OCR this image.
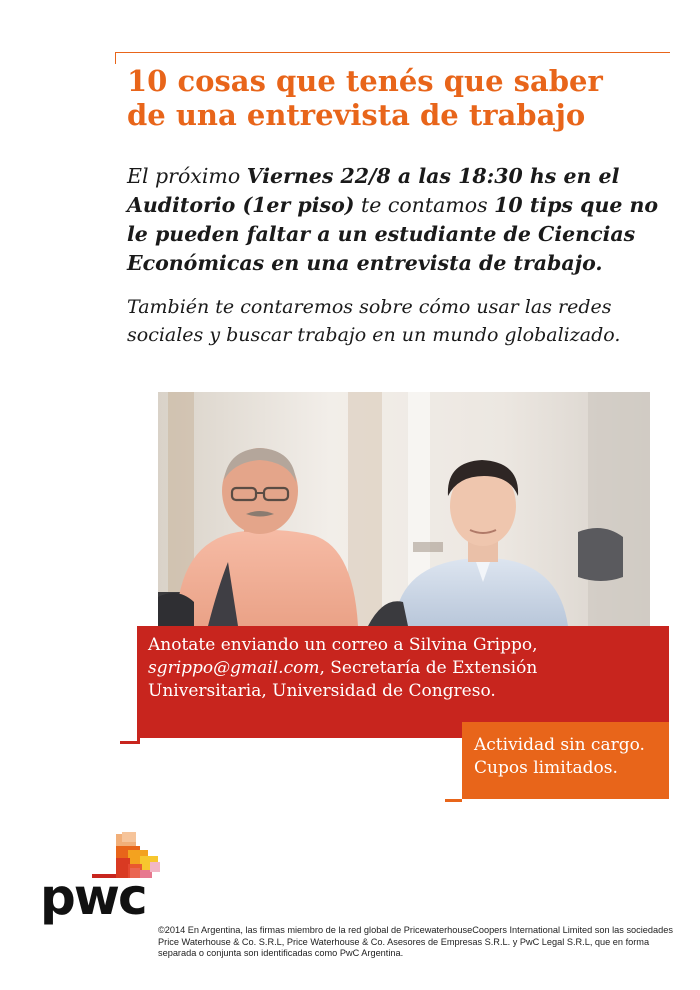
10 cosas que tenés que saber
de una entrevista de trabajo

El próximo Viernes 22/8 a las 18:30 hs en el
Auditorio (1er piso) te contamos 10 tips que no
le pueden faltar a un estudiante de Ciencias
Económicas en una entrevista de trabajo.

También te contaremos sobre cómo usar las redes
sociales y buscar trabajo en un mundo globalizado.

Anotate enviando un correo a Silvina Grippo,
sgrippo@gmail.com, Secretaría de Extensión
Universitaria, Universidad de Congreso.
Actividad sin cargo.
Cupos limitados.
pwc

©2014 En Argentina, las firmas miembro de la red global de PricewaterhouseCoopers International Limited son las sociedades Price Waterhouse & Co. S.R.L, Price Waterhouse & Co. Asesores de Empresas S.R.L. y PwC Legal S.R.L, que en forma separada o conjunta son identificadas como PwC Argentina.
